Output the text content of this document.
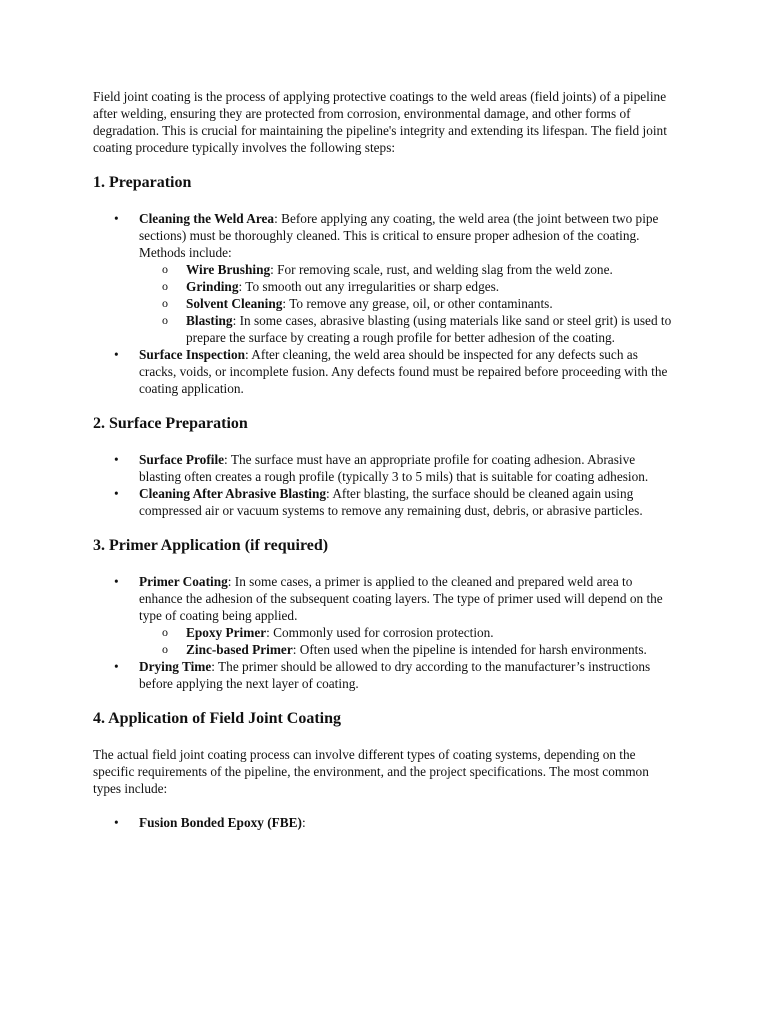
Field joint coating is the process of applying protective coatings to the weld areas (field joints) of a pipeline after welding, ensuring they are protected from corrosion, environmental damage, and other forms of degradation. This is crucial for maintaining the pipeline's integrity and extending its lifespan. The field joint coating procedure typically involves the following steps:

1. Preparation
• Cleaning the Weld Area: Before applying any coating, the weld area (the joint between two pipe sections) must be thoroughly cleaned. This is critical to ensure proper adhesion of the coating. Methods include:
o Wire Brushing: For removing scale, rust, and welding slag from the weld zone.
o Grinding: To smooth out any irregularities or sharp edges.
o Solvent Cleaning: To remove any grease, oil, or other contaminants.
o Blasting: In some cases, abrasive blasting (using materials like sand or steel grit) is used to prepare the surface by creating a rough profile for better adhesion of the coating.
• Surface Inspection: After cleaning, the weld area should be inspected for any defects such as cracks, voids, or incomplete fusion. Any defects found must be repaired before proceeding with the coating application.
2. Surface Preparation
• Surface Profile: The surface must have an appropriate profile for coating adhesion. Abrasive blasting often creates a rough profile (typically 3 to 5 mils) that is suitable for coating adhesion.
• Cleaning After Abrasive Blasting: After blasting, the surface should be cleaned again using compressed air or vacuum systems to remove any remaining dust, debris, or abrasive particles.
3. Primer Application (if required)
• Primer Coating: In some cases, a primer is applied to the cleaned and prepared weld area to enhance the adhesion of the subsequent coating layers. The type of primer used will depend on the type of coating being applied.
o Epoxy Primer: Commonly used for corrosion protection.
o Zinc-based Primer: Often used when the pipeline is intended for harsh environments.
• Drying Time: The primer should be allowed to dry according to the manufacturer’s instructions before applying the next layer of coating.
4. Application of Field Joint Coating

The actual field joint coating process can involve different types of coating systems, depending on the specific requirements of the pipeline, the environment, and the project specifications. The most common types include:

• Fusion Bonded Epoxy (FBE):
